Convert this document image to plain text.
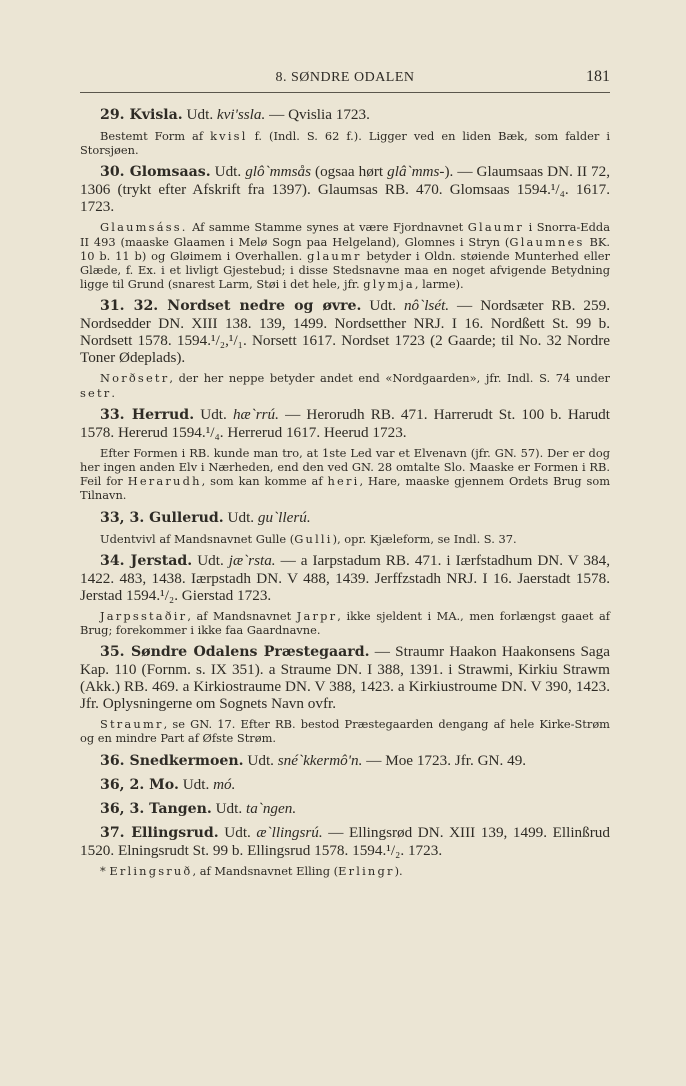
8. SØNDRE ODALEN	181

29. Kvisla. Udt. kvi'ssla. — Qvislia 1723.

Bestemt Form af kvisl f. (Indl. S. 62 f.). Ligger ved en liden Bæk, som falder i Storsjøen.

30. Glomsaas. Udt. glô`mmsås (ogsaa hørt glâ`mms-). — Glaumsaas DN. II 72, 1306 (trykt efter Afskrift fra 1397). Glaumsas RB. 470. Glomsaas 1594.¹/₄. 1617. 1723.

Glaumsáss. Af samme Stamme synes at være Fjordnavnet Glaumr i Snorra-Edda II 493 (maaske Glaamen i Melø Sogn paa Helgeland), Glomnes i Stryn (Glaumnes BK. 10 b. 11 b) og Gløimem i Overhallen. glaumr betyder i Oldn. støiende Munterhed eller Glæde, f. Ex. i et livligt Gjestebud; i disse Stedsnavne maa en noget afvigende Betydning ligge til Grund (snarest Larm, Støi i det hele, jfr. glymja, larme).

31. 32. Nordset nedre og øvre. Udt. nô`lsét. — Nordsæter RB. 259. Nordsedder DN. XIII 138. 139, 1499. Nordsetther NRJ. I 16. Nordßett St. 99 b. Nordsett 1578. 1594.¹/₂,¹/₁. Norsett 1617. Nordset 1723 (2 Gaarde; til No. 32 Nordre Toner Ødeplads).

Norðsetr, der her neppe betyder andet end «Nordgaarden», jfr. Indl. S. 74 under setr.

33. Herrud. Udt. hæ`rrú. — Herorudh RB. 471. Harrerudt St. 100 b. Harudt 1578. Hererud 1594.¹/₄. Herrerud 1617. Heerud 1723.

Efter Formen i RB. kunde man tro, at 1ste Led var et Elvenavn (jfr. GN. 57). Der er dog her ingen anden Elv i Nærheden, end den ved GN. 28 omtalte Slo. Maaske er Formen i RB. Feil for Herarudh, som kan komme af heri, Hare, maaske gjennem Ordets Brug som Tilnavn.

33, 3. Gullerud. Udt. gu`llerú.

Udentvivl af Mandsnavnet Gulle (Gulli), opr. Kjæleform, se Indl. S. 37.

34. Jerstad. Udt. jæ`rsta. — a Iarpstadum RB. 471. i Iærfstadhum DN. V 384, 1422. 483, 1438. Iærpstadh DN. V 488, 1439. Jerffzstadh NRJ. I 16. Jaerstadt 1578. Jerstad 1594.¹/₂. Gierstad 1723.

Jarpsstaðir, af Mandsnavnet Jarpr, ikke sjeldent i MA., men forlængst gaaet af Brug; forekommer i ikke faa Gaardnavne.

35. Søndre Odalens Præstegaard. — Straumr Haakon Haakonsens Saga Kap. 110 (Fornm. s. IX 351). a Straume DN. I 388, 1391. i Strawmi, Kirkiu Strawm (Akk.) RB. 469. a Kirkiostraume DN. V 388, 1423. a Kirkiustroume DN. V 390, 1423. Jfr. Oplysningerne om Sognets Navn ovfr.

Straumr, se GN. 17. Efter RB. bestod Præstegaarden dengang af hele Kirke-Strøm og en mindre Part af Øfste Strøm.

36. Snedkermoen. Udt. sné`kkermô'n. — Moe 1723. Jfr. GN. 49.

36, 2. Mo. Udt. mó.

36, 3. Tangen. Udt. ta`ngen.

37. Ellingsrud. Udt. æ`llingsrú. — Ellingsrød DN. XIII 139, 1499. Ellinßrud 1520. Elningsrudt St. 99 b. Ellingsrud 1578. 1594.¹/₂. 1723.

* Erlingsruð, af Mandsnavnet Elling (Erlingr).
